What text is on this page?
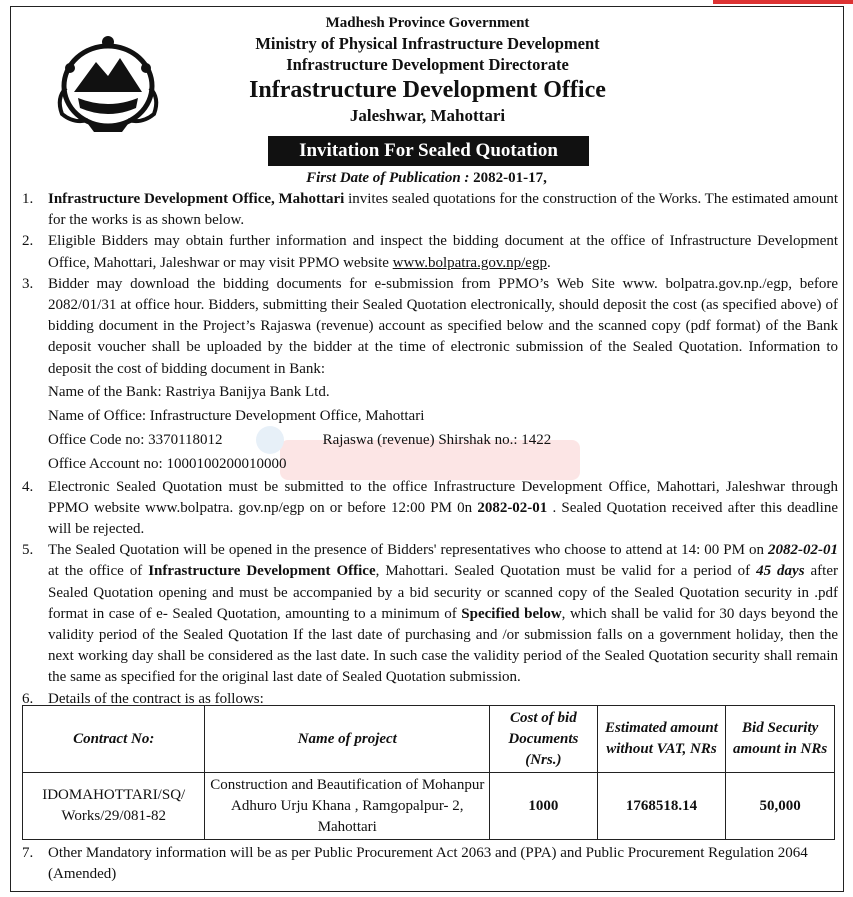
Madhesh Province Government
Ministry of Physical Infrastructure Development
Infrastructure Development Directorate
Infrastructure Development Office
Jaleshwar, Mahottari
Invitation For Sealed Quotation
First Date of Publication : 2082-01-17,
1. Infrastructure Development Office, Mahottari invites sealed quotations for the construction of the Works. The estimated amount for the works is as shown below.
2. Eligible Bidders may obtain further information and inspect the bidding document at the office of Infrastructure Development Office, Mahottari, Jaleshwar or may visit PPMO website www.bolpatra.gov.np/egp.
3. Bidder may download the bidding documents for e-submission from PPMO’s Web Site www. bolpatra.gov.np./egp, before 2082/01/31 at office hour. Bidders, submitting their Sealed Quotation electronically, should deposit the cost (as specified above) of bidding document in the Project’s Rajaswa (revenue) account as specified below and the scanned copy (pdf format) of the Bank deposit voucher shall be uploaded by the bidder at the time of electronic submission of the Sealed Quotation. Information to deposit the cost of bidding document in Bank:
Name of the Bank: Rastriya Banijya Bank Ltd.
Name of Office: Infrastructure Development Office, Mahottari
Office Code no: 3370118012	Rajaswa (revenue) Shirshak no.: 1422
Office Account no: 1000100200010000
4. Electronic Sealed Quotation must be submitted to the office Infrastructure Development Office, Mahottari, Jaleshwar through PPMO website www.bolpatra. gov.np/egp on or before 12:00 PM 0n 2082-02-01 . Sealed Quotation received after this deadline will be rejected.
5. The Sealed Quotation will be opened in the presence of Bidders' representatives who choose to attend at 14: 00 PM on 2082-02-01 at the office of Infrastructure Development Office, Mahottari. Sealed Quotation must be valid for a period of 45 days after Sealed Quotation opening and must be accompanied by a bid security or scanned copy of the Sealed Quotation security in .pdf format in case of e- Sealed Quotation, amounting to a minimum of Specified below, which shall be valid for 30 days beyond the validity period of the Sealed Quotation If the last date of purchasing and /or submission falls on a government holiday, then the next working day shall be considered as the last date. In such case the validity period of the Sealed Quotation security shall remain the same as specified for the original last date of Sealed Quotation submission.
6. Details of the contract is as follows:
Contract No:	Name of project	Cost of bid Documents (Nrs.)	Estimated amount without VAT, NRs	Bid Security amount in NRs
IDOMAHOTTARI/SQ/ Works/29/081-82	Construction and Beautification of Mohanpur Adhuro Urju Khana , Ramgopalpur- 2, Mahottari	1000	1768518.14	50,000
7. Other Mandatory information will be as per Public Procurement Act 2063 and (PPA) and Public Procurement Regulation 2064 (Amended)
